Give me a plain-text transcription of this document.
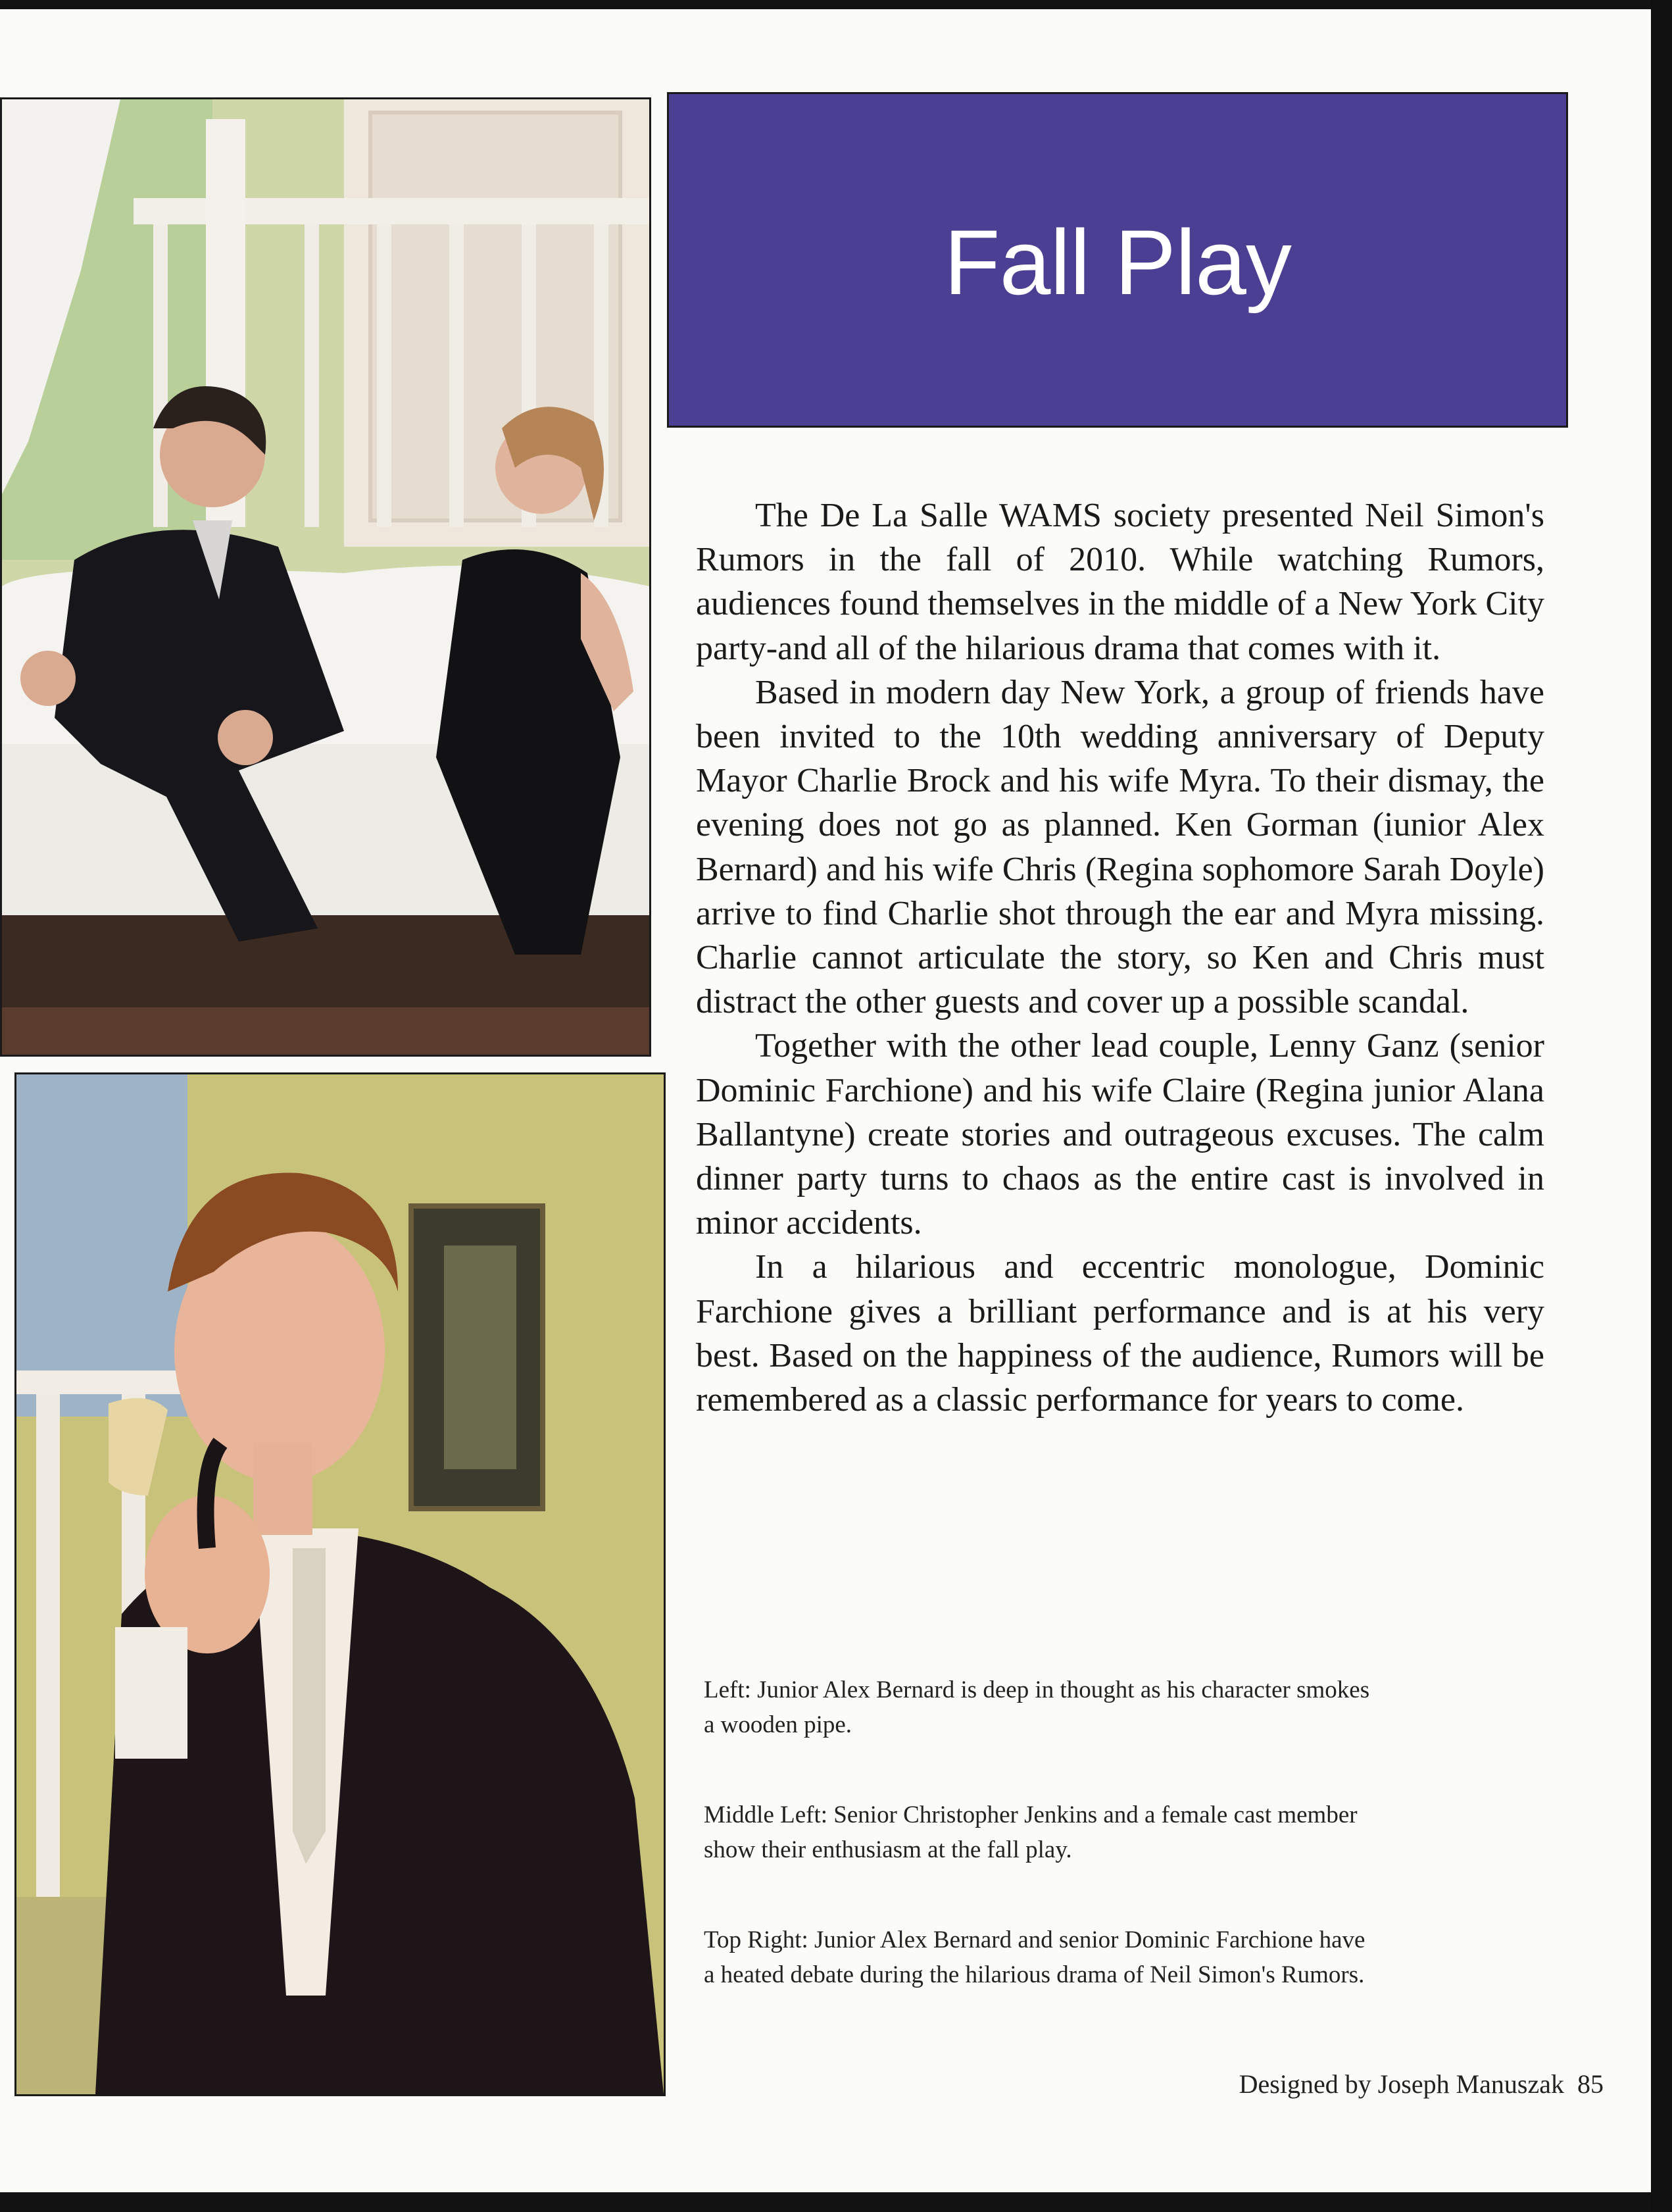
Fall Play

The De La Salle WAMS society presented Neil Simon's Rumors in the fall of 2010. While watching Rumors, audiences found themselves in the middle of a New York City party-and all of the hilarious drama that comes with it.

Based in modern day New York, a group of friends have been invited to the 10th wedding anniversary of Deputy Mayor Charlie Brock and his wife Myra. To their dismay, the evening does not go as planned. Ken Gorman (iunior Alex Bernard) and his wife Chris (Regina sophomore Sarah Doyle) arrive to find Charlie shot through the ear and Myra missing. Charlie cannot articulate the story, so Ken and Chris must distract the other guests and cover up a possible scandal.

Together with the other lead couple, Lenny Ganz (senior Dominic Farchione) and his wife Claire (Regina junior Alana Ballantyne) create stories and outrageous excuses. The calm dinner party turns to chaos as the entire cast is involved in minor accidents.

In a hilarious and eccentric monologue, Dominic Farchione gives a brilliant performance and is at his very best. Based on the happiness of the audience, Rumors will be remembered as a classic performance for years to come.

Left: Junior Alex Bernard is deep in thought as his character smokes a wooden pipe.
Middle Left: Senior Christopher Jenkins and a female cast member show their enthusiasm at the fall play.
Top Right: Junior Alex Bernard and senior Dominic Farchione have a heated debate during the hilarious drama of Neil Simon's Rumors.
Designed by Joseph Manuszak 85
